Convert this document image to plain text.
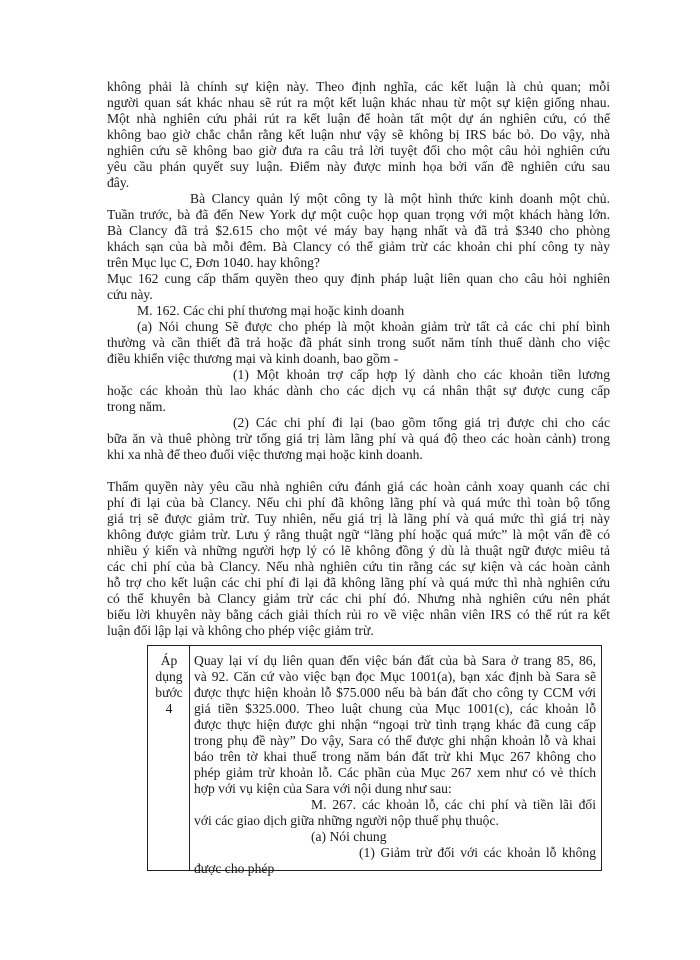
không phải là chính sự kiện này. Theo định nghĩa, các kết luận là chủ quan; mỗi
người quan sát khác nhau sẽ rút ra một kết luận khác nhau từ một sự kiện giống nhau.
Một nhà nghiên cứu phải rút ra kết luận để hoàn tất một dự án nghiên cứu, có thể
không bao giờ chắc chắn rằng kết luận như vậy sẽ không bị IRS bác bỏ. Do vậy, nhà
nghiên cứu sẽ không bao giờ đưa ra câu trả lời tuyệt đối cho một câu hỏi nghiên cứu
yêu cầu phán quyết suy luận. Điểm này được minh họa bởi vấn đề nghiên cứu sau
đây.
Bà Clancy quản lý một công ty là một hình thức kinh doanh một chủ.
Tuần trước, bà đã đến New York dự một cuộc họp quan trọng với một khách hàng lớn.
Bà Clancy đã trả $2.615 cho một vé máy bay hạng nhất và đã trả $340 cho phòng
khách sạn của bà mỗi đêm. Bà Clancy có thể giảm trừ các khoản chi phí công ty này
trên Mục lục C, Đơn 1040. hay không?
Mục 162 cung cấp thẩm quyền theo quy định pháp luật liên quan cho câu hỏi nghiên
cứu này.
M. 162. Các chi phí thương mại hoặc kinh doanh
(a) Nói chung Sẽ được cho phép là một khoản giảm trừ tất cả các chi phí bình
thường và cần thiết đã trả hoặc đã phát sinh trong suốt năm tính thuế dành cho việc
điều khiển việc thương mại và kinh doanh, bao gồm -
(1) Một khoản trợ cấp hợp lý dành cho các khoản tiền lương
hoặc các khoản thù lao khác dành cho các dịch vụ cá nhân thật sự được cung cấp
trong năm.
(2) Các chi phí đi lại (bao gồm tổng giá trị được chi cho các
bữa ăn và thuê phòng trừ tổng giá trị làm lãng phí và quá độ theo các hoàn cảnh) trong
khi xa nhà để theo đuổi việc thương mại hoặc kinh doanh.
Thẩm quyền này yêu cầu nhà nghiên cứu đánh giá các hoàn cảnh xoay quanh các chi
phí đi lại của bà Clancy. Nếu chi phí đã không lãng phí và quá mức thì toàn bộ tổng
giá trị sẽ được giảm trừ. Tuy nhiên, nếu giá trị là lãng phí và quá mức thì giá trị này
không được giảm trừ. Lưu ý rằng thuật ngữ “lãng phí hoặc quá mức” là một vấn đề có
nhiều ý kiến và những người hợp lý có lẽ không đồng ý dù là thuật ngữ được miêu tả
các chi phí của bà Clancy. Nếu nhà nghiên cứu tin rằng các sự kiện và các hoàn cảnh
hỗ trợ cho kết luận các chi phí đi lại đã không lãng phí và quá mức thì nhà nghiên cứu
có thể khuyên bà Clancy giảm trừ các chi phí đó. Nhưng nhà nghiên cứu nên phát
biểu lời khuyên này bằng cách giải thích rủi ro về việc nhân viên IRS có thể rút ra kết
luận đối lập lại và không cho phép việc giảm trừ.
Áp
dụng
bước
4
Quay lại ví dụ liên quan đến việc bán đất của bà Sara ở trang 85, 86,
và 92. Căn cứ vào việc bạn đọc Mục 1001(a), bạn xác định bà Sara sẽ
được thực hiện khoản lỗ $75.000 nếu bà bán đất cho công ty CCM với
giá tiền $325.000. Theo luật chung của Mục 1001(c), các khoản lỗ
được thực hiện được ghi nhận “ngoại trừ tình trạng khác đã cung cấp
trong phụ đề này” Do vậy, Sara có thể được ghi nhận khoản lỗ và khai
báo trên tờ khai thuế trong năm bán đất trừ khi Mục 267 không cho
phép giảm trừ khoản lỗ. Các phần của Mục 267 xem như có vẻ thích
hợp với vụ kiện của Sara với nội dung như sau:
M. 267. các khoản lỗ, các chi phí và tiền lãi đối
với các giao dịch giữa những người nộp thuế phụ thuộc.
(a) Nói chung
(1) Giảm trừ đối với các khoản lỗ không
được cho phép
